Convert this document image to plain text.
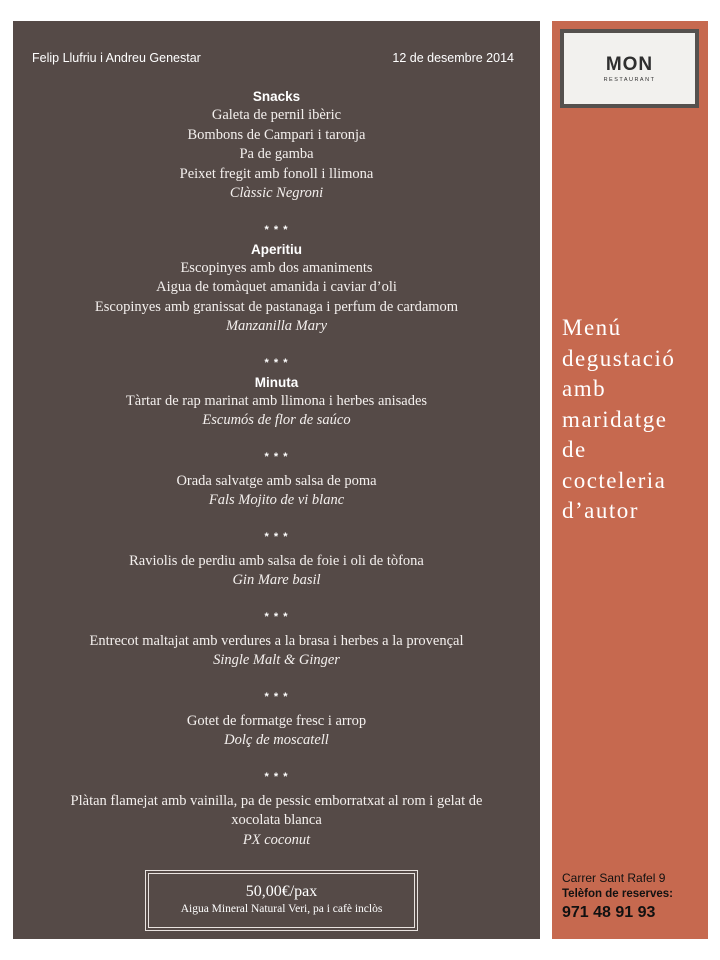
Felip Llufriu i Andreu Genestar	12 de desembre 2014
Snacks
Galeta de pernil ibèric
Bombons de Campari i taronja
Pa de gamba
Peixet fregit amb fonoll i llimona
Clàssic Negroni
* * *
Aperitiu
Escopinyes amb dos amaniments
Aigua de tomàquet amanida i caviar d’oli
Escopinyes amb granissat de pastanaga i perfum de cardamom
Manzanilla Mary
* * *
Minuta
Tàrtar de rap marinat amb llimona i herbes anisades
Escumós de flor de saúco
* * *
Orada salvatge amb salsa de poma
Fals Mojito de vi blanc
* * *
Raviolis de perdiu amb salsa de foie i oli de tòfona
Gin Mare basil
* * *
Entrecot maltajat amb verdures a la brasa i herbes a la provençal
Single Malt & Ginger
* * *
Gotet de formatge fresc i arrop
Dolç de moscatell
* * *
Plàtan flamejat amb vainilla, pa de pessic emborratxat al rom i gelat de
xocolata blanca
PX coconut
50,00€/pax
Aigua Mineral Natural Veri, pa i cafè inclòs
MON
RESTAURANT
Menú
degustació
amb
maridatge
de
cocteleria
d’autor
Carrer Sant Rafel 9
Telèfon de reserves:
971 48 91 93
